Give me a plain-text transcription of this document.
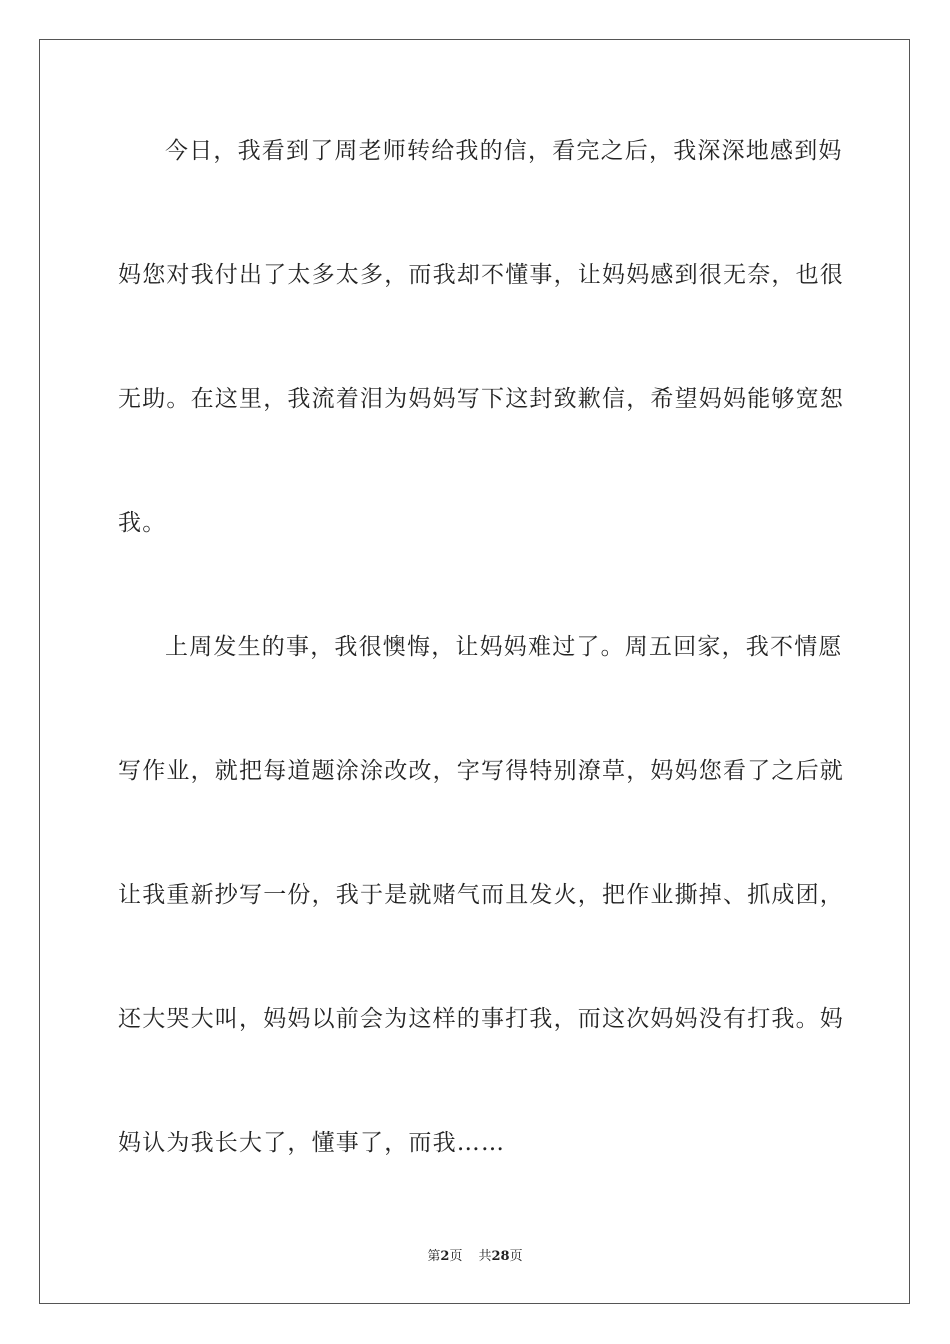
今日，我看到了周老师转给我的信，看完之后，我深深地感到妈
妈您对我付出了太多太多，而我却不懂事，让妈妈感到很无奈，也很
无助。在这里，我流着泪为妈妈写下这封致歉信，希望妈妈能够宽恕
我。
上周发生的事，我很懊悔，让妈妈难过了。周五回家，我不情愿
写作业，就把每道题涂涂改改，字写得特别潦草，妈妈您看了之后就
让我重新抄写一份，我于是就赌气而且发火，把作业撕掉、抓成团，
还大哭大叫，妈妈以前会为这样的事打我，而这次妈妈没有打我。妈
妈认为我长大了，懂事了，而我……
第2页 共28页
